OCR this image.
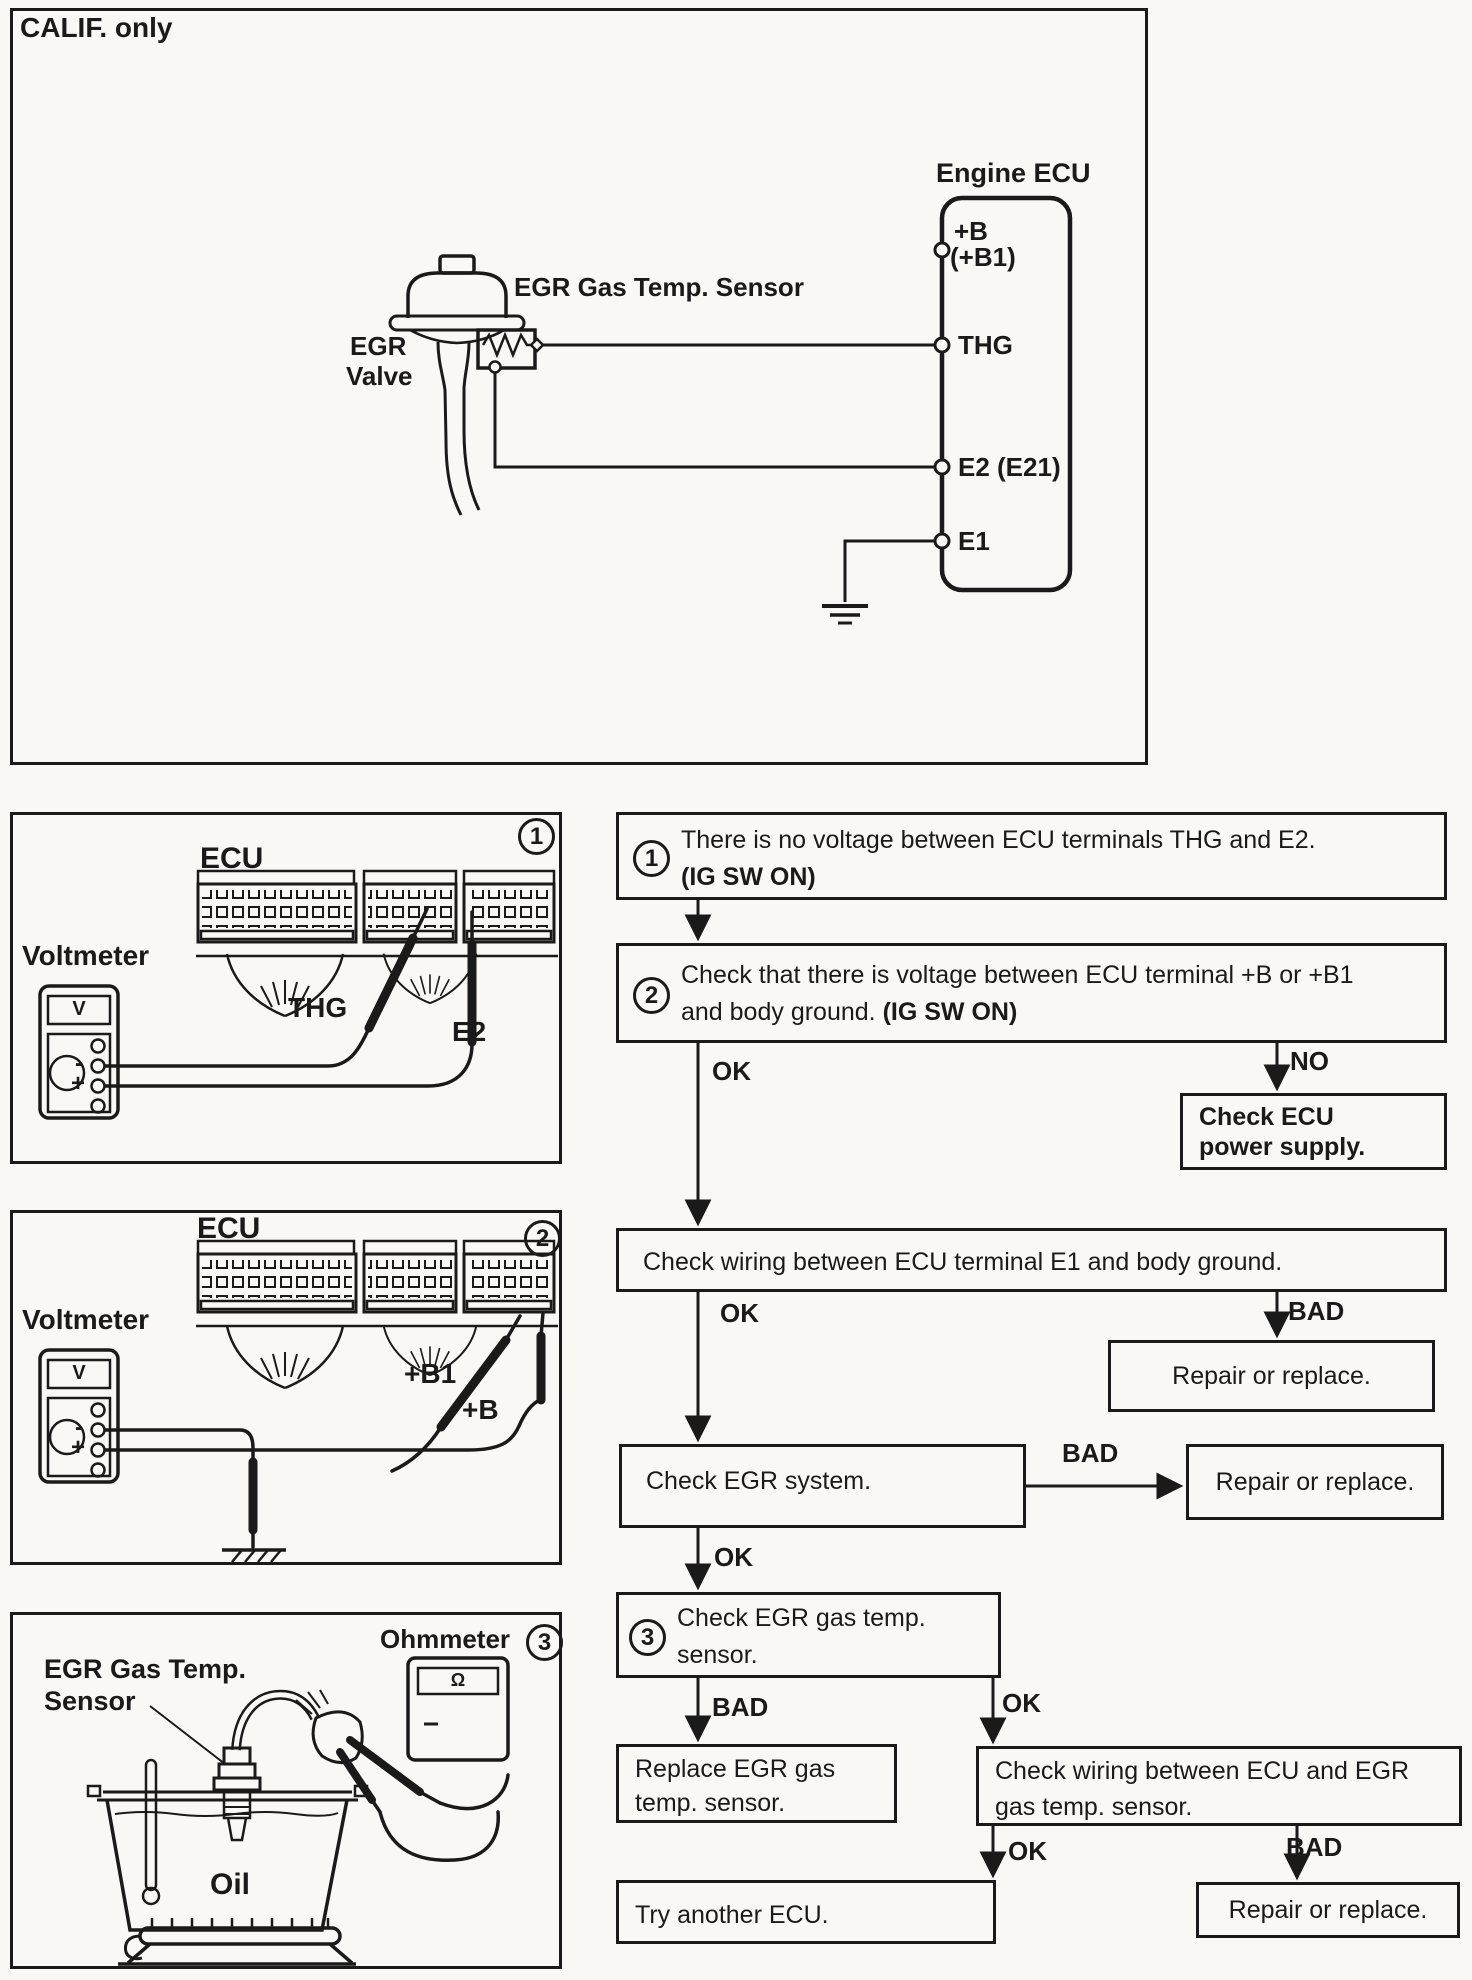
CALIF. only
Engine ECU
+B
(+B1)
THG
E2 (E21)
E1
EGR Gas Temp. Sensor
EGR
Valve
1
ECU
Voltmeter
V
-
+
THG
E2
2
ECU
Voltmeter
V
-
+
+B1
+B
3
EGR Gas Temp.
Sensor
Ohmmeter
Ω
Oil
1
There is no voltage between ECU terminals THG and E2.
(IG SW ON)
2
Check that there is voltage between ECU terminal +B or +B1
and body ground. (IG SW ON)
Check ECU
power supply.
Check wiring between ECU terminal E1 and body ground.
Repair or replace.
Check EGR system.	Repair or replace.
3
Check EGR gas temp.
sensor.
Replace EGR gas
temp. sensor.
Check wiring between ECU and EGR
gas temp. sensor.
Try another ECU.	Repair or replace.
OK	NO
OK	BAD
BAD
OK
BAD	OK
OK	BAD
